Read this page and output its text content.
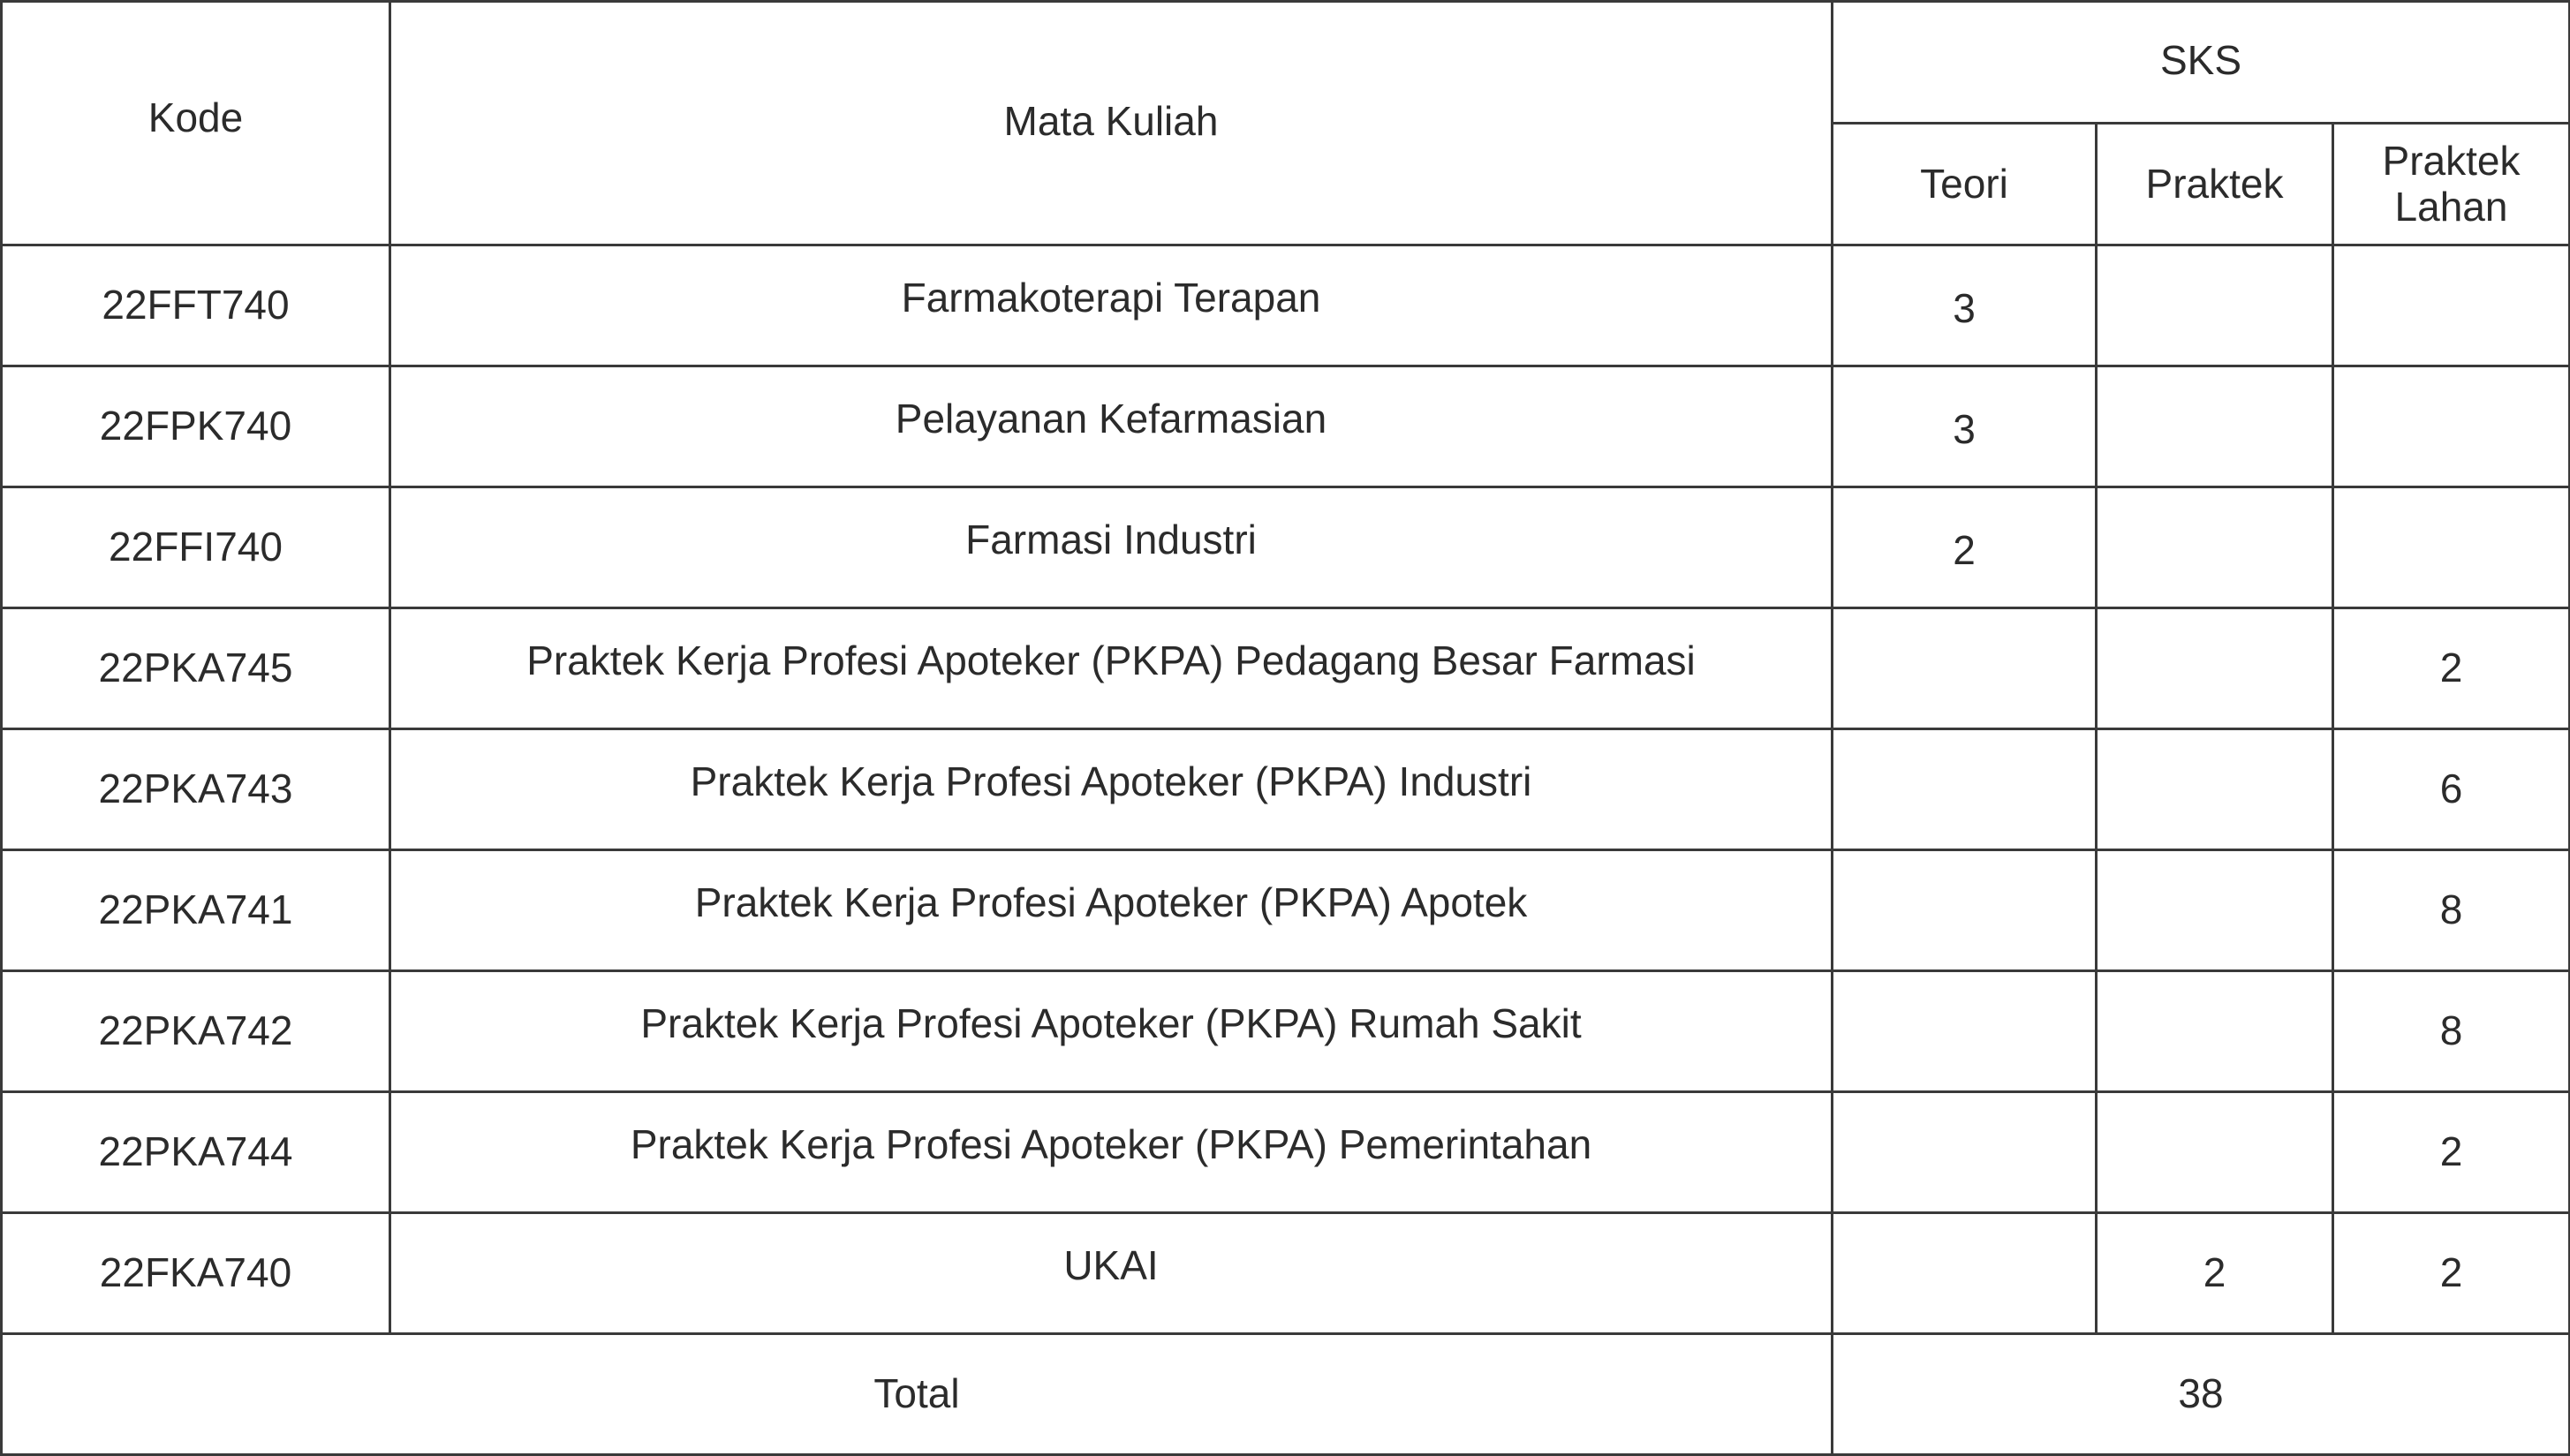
Kode	Mata Kuliah	SKS		
		Teori	Praktek	Praktek Lahan
22FFT740	Farmakoterapi Terapan	3		
22FPK740	Pelayanan Kefarmasian	3		
22FFI740	Farmasi Industri	2		
22PKA745	Praktek Kerja Profesi Apoteker (PKPA) Pedagang Besar Farmasi			2
22PKA743	Praktek Kerja Profesi Apoteker (PKPA) Industri			6
22PKA741	Praktek Kerja Profesi Apoteker (PKPA) Apotek			8
22PKA742	Praktek Kerja Profesi Apoteker (PKPA) Rumah Sakit			8
22PKA744	Praktek Kerja Profesi Apoteker (PKPA) Pemerintahan			2
22FKA740	UKAI		2	2
Total		38		
